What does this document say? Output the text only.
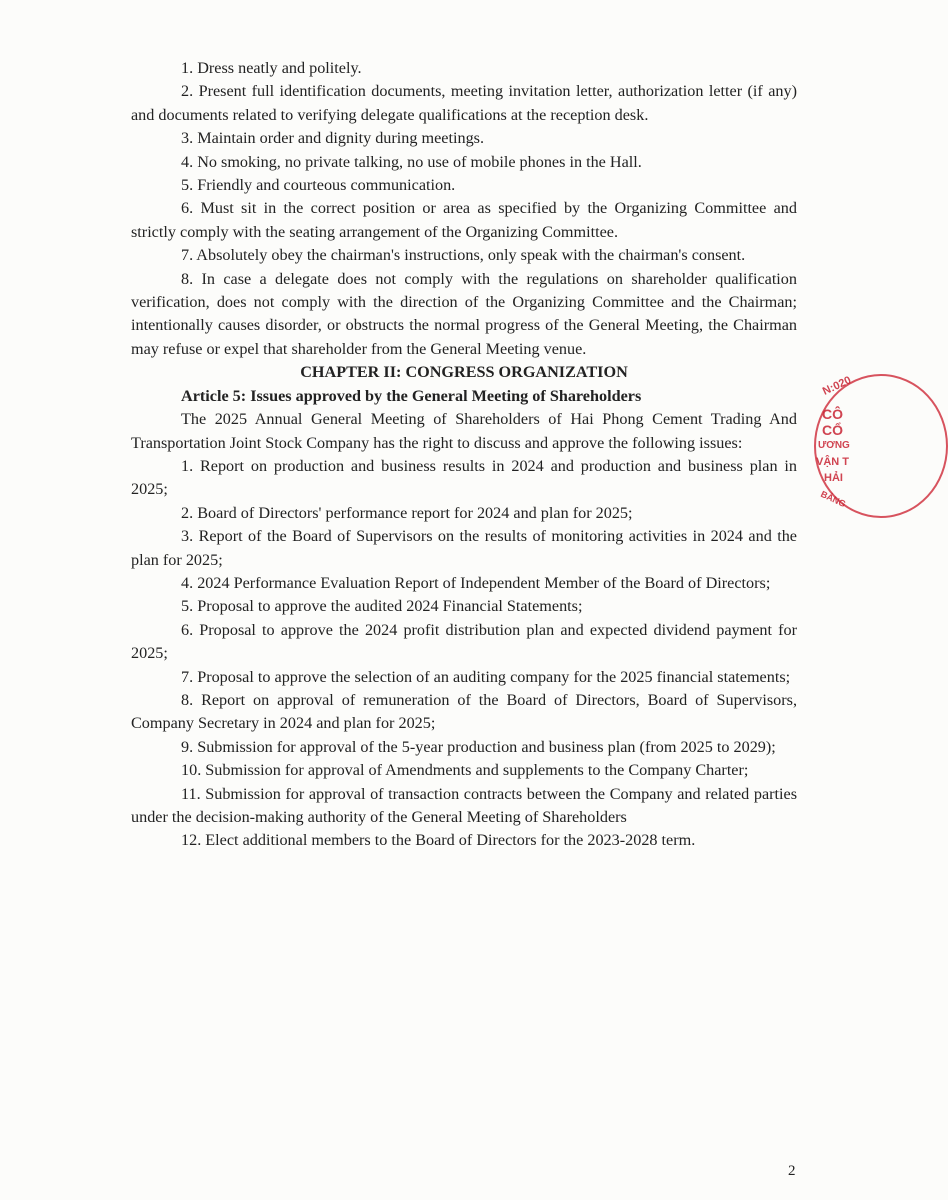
1. Dress neatly and politely.

2. Present full identification documents, meeting invitation letter, authorization letter (if any) and documents related to verifying delegate qualifications at the reception desk.

3. Maintain order and dignity during meetings.

4. No smoking, no private talking, no use of mobile phones in the Hall.

5. Friendly and courteous communication.

6. Must sit in the correct position or area as specified by the Organizing Committee and strictly comply with the seating arrangement of the Organizing Committee.

7. Absolutely obey the chairman's instructions, only speak with the chairman's consent.

8. In case a delegate does not comply with the regulations on shareholder qualification verification, does not comply with the direction of the Organizing Committee and the Chairman; intentionally causes disorder, or obstructs the normal progress of the General Meeting, the Chairman may refuse or expel that shareholder from the General Meeting venue.

CHAPTER II: CONGRESS ORGANIZATION

Article 5: Issues approved by the General Meeting of Shareholders

The 2025 Annual General Meeting of Shareholders of Hai Phong Cement Trading And Transportation Joint Stock Company has the right to discuss and approve the following issues:

1. Report on production and business results in 2024 and production and business plan in 2025;

2. Board of Directors' performance report for 2024 and plan for 2025;

3. Report of the Board of Supervisors on the results of monitoring activities in 2024 and the plan for 2025;

4. 2024 Performance Evaluation Report of Independent Member of the Board of Directors;

5. Proposal to approve the audited 2024 Financial Statements;

6. Proposal to approve the 2024 profit distribution plan and expected dividend payment for 2025;

7. Proposal to approve the selection of an auditing company for the 2025 financial statements;

8. Report on approval of remuneration of the Board of Directors, Board of Supervisors, Company Secretary in 2024 and plan for 2025;

9. Submission for approval of the 5-year production and business plan (from 2025 to 2029);

10. Submission for approval of Amendments and supplements to the Company Charter;

11. Submission for approval of transaction contracts between the Company and related parties under the decision-making authority of the General Meeting of Shareholders

12. Elect additional members to the Board of Directors for the 2023-2028 term.

N:020
CÔ
CỔ
ƯƠNG
VẬN T
HẢI
BẢNG
2
